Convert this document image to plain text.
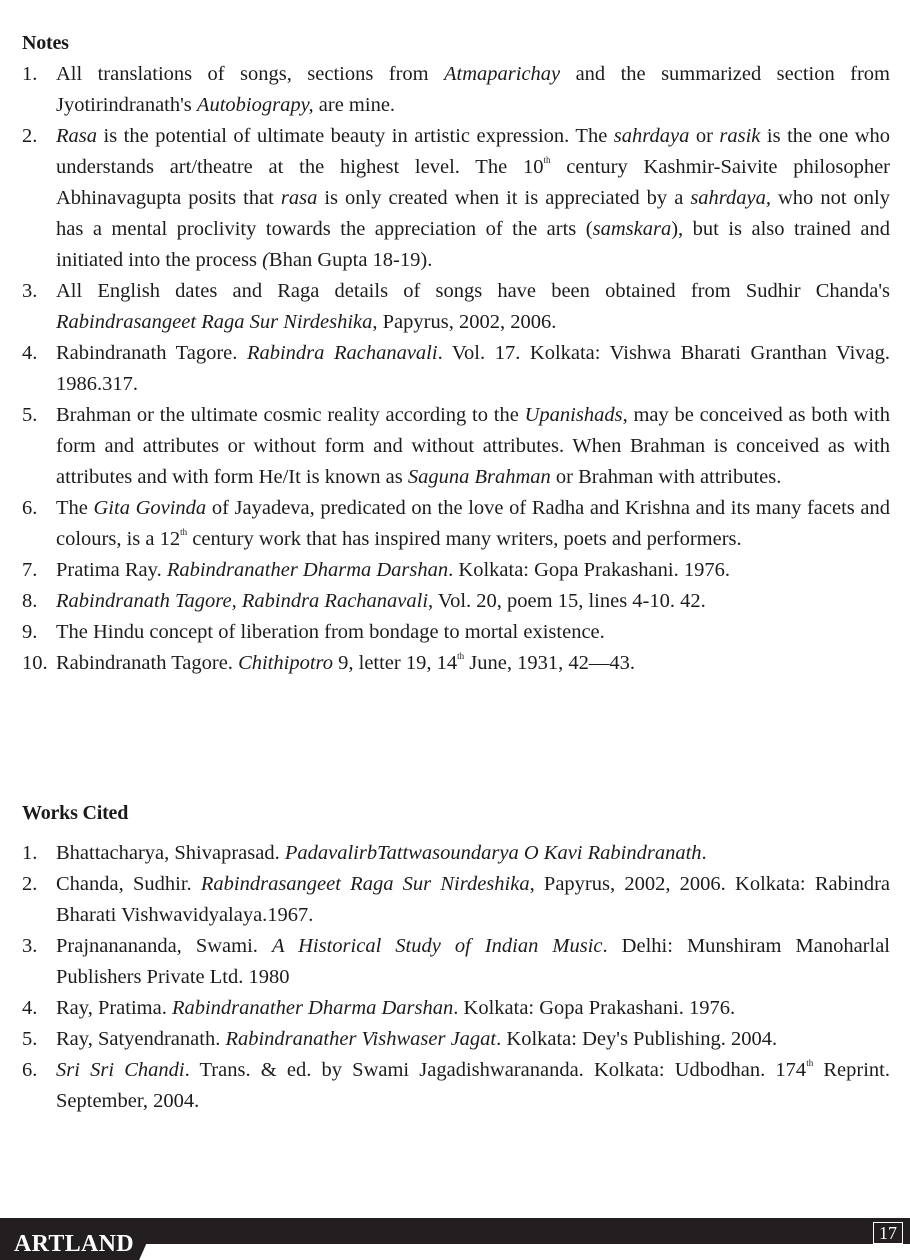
Notes
1. All translations of songs, sections from Atmaparichay and the summarized section from Jyotirindranath's Autobiograpy, are mine.
2. Rasa is the potential of ultimate beauty in artistic expression. The sahrdaya or rasik is the one who understands art/theatre at the highest level. The 10th century Kashmir-Saivite philosopher Abhinavagupta posits that rasa is only created when it is appreciated by a sahrdaya, who not only has a mental proclivity towards the appreciation of the arts (samskara), but is also trained and initiated into the process (Bhan Gupta 18-19).
3. All English dates and Raga details of songs have been obtained from Sudhir Chanda's Rabindrasangeet Raga Sur Nirdeshika, Papyrus, 2002, 2006.
4. Rabindranath Tagore. Rabindra Rachanavali. Vol. 17. Kolkata: Vishwa Bharati Granthan Vivag. 1986.317.
5. Brahman or the ultimate cosmic reality according to the Upanishads, may be conceived as both with form and attributes or without form and without attributes. When Brahman is conceived as with attributes and with form He/It is known as Saguna Brahman or Brahman with attributes.
6. The Gita Govinda of Jayadeva, predicated on the love of Radha and Krishna and its many facets and colours, is a 12th century work that has inspired many writers, poets and performers.
7. Pratima Ray. Rabindranather Dharma Darshan. Kolkata: Gopa Prakashani. 1976.
8. Rabindranath Tagore, Rabindra Rachanavali, Vol. 20, poem 15, lines 4-10. 42.
9. The Hindu concept of liberation from bondage to mortal existence.
10. Rabindranath Tagore. Chithipotro 9, letter 19, 14th June, 1931, 42—43.
Works Cited
1. Bhattacharya, Shivaprasad. PadavalirbTattwasoundarya O Kavi Rabindranath.
2. Chanda, Sudhir. Rabindrasangeet Raga Sur Nirdeshika, Papyrus, 2002, 2006. Kolkata: Rabindra Bharati Vishwavidyalaya.1967.
3. Prajnanananda, Swami. A Historical Study of Indian Music. Delhi: Munshiram Manoharlal Publishers Private Ltd. 1980
4. Ray, Pratima. Rabindranather Dharma Darshan. Kolkata: Gopa Prakashani. 1976.
5. Ray, Satyendranath. Rabindranather Vishwaser Jagat. Kolkata: Dey's Publishing. 2004.
6. Sri Sri Chandi. Trans. & ed. by Swami Jagadishwarananda. Kolkata: Udbodhan. 174th Reprint. September, 2004.
ARTLAND	17
